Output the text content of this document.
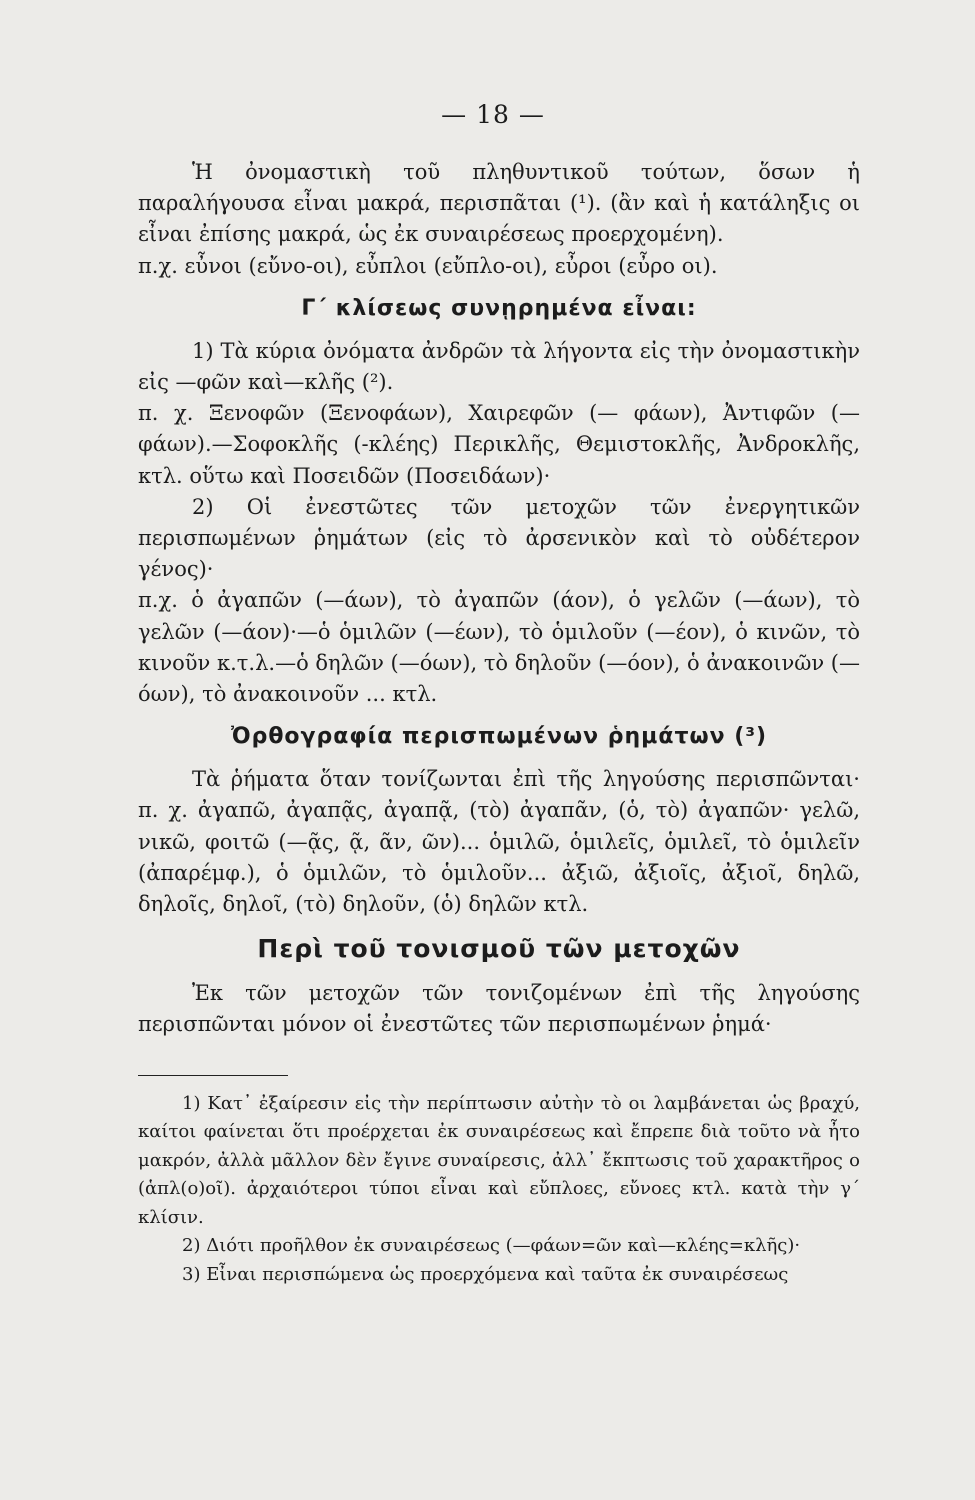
— 18 —

Ἡ ὀνομαστικὴ τοῦ πληθυντικοῦ τούτων, ὅσων ἡ παραλήγουσα εἶναι μακρά, περισπᾶται (¹). (ἂν καὶ ἡ κατάληξις οι εἶναι ἐπίσης μακρά, ὡς ἐκ συναιρέσεως προερχομένη).

π.χ. εὖνοι (εὔνο-οι), εὖπλοι (εὔπλο-οι), εὖροι (εὖρο οι).

Γ΄ κλίσεως συνῃρημένα εἶναι:

1) Τὰ κύρια ὀνόματα ἀνδρῶν τὰ λήγοντα εἰς τὴν ὀνομαστικὴν εἰς —φῶν καὶ—κλῆς (²).

π. χ. Ξενοφῶν (Ξενοφάων), Χαιρεφῶν (— φάων), Ἀντιφῶν (—φάων).—Σοφοκλῆς (-κλέης) Περικλῆς, Θεμιστοκλῆς, Ἀνδροκλῆς, κτλ. οὕτω καὶ Ποσειδῶν (Ποσειδάων)·

2) Οἱ ἐνεστῶτες τῶν μετοχῶν τῶν ἐνεργητικῶν περισπωμένων ῥημάτων (εἰς τὸ ἀρσενικὸν καὶ τὸ οὐδέτερον γένος)·

π.χ. ὁ ἀγαπῶν (—άων), τὸ ἀγαπῶν (άον), ὁ γελῶν (—άων), τὸ γελῶν (—άον)·—ὁ ὁμιλῶν (—έων), τὸ ὁμιλοῦν (—έον), ὁ κινῶν, τὸ κινοῦν κ.τ.λ.—ὁ δηλῶν (—όων), τὸ δηλοῦν (—όον), ὁ ἀνακοινῶν (—όων), τὸ ἀνακοινοῦν ... κτλ.

Ὀρθογραφία περισπωμένων ῥημάτων (³)

Τὰ ῥήματα ὅταν τονίζωνται ἐπὶ τῆς ληγούσης περισπῶνται· π. χ. ἀγαπῶ, ἀγαπᾷς, ἀγαπᾷ, (τὸ) ἀγαπᾶν, (ὁ, τὸ) ἀγαπῶν· γελῶ, νικῶ, φοιτῶ (—ᾷς, ᾷ, ᾶν, ῶν)... ὁμιλῶ, ὁμιλεῖς, ὁμιλεῖ, τὸ ὁμιλεῖν (ἀπαρέμφ.), ὁ ὁμιλῶν, τὸ ὁμιλοῦν... ἀξιῶ, ἀξιοῖς, ἀξιοῖ, δηλῶ, δηλοῖς, δηλοῖ, (τὸ) δηλοῦν, (ὁ) δηλῶν κτλ.

Περὶ τοῦ τονισμοῦ τῶν μετοχῶν

Ἐκ τῶν μετοχῶν τῶν τονιζομένων ἐπὶ τῆς ληγούσης περισπῶνται μόνον οἱ ἐνεστῶτες τῶν περισπωμένων ῥημά·

1) Κατ᾿ ἐξαίρεσιν εἰς τὴν περίπτωσιν αὐτὴν τὸ οι λαμβάνεται ὡς βραχύ, καίτοι φαίνεται ὅτι προέρχεται ἐκ συναιρέσεως καὶ ἔπρεπε διὰ τοῦτο νὰ ἦτο μακρόν, ἀλλὰ μᾶλλον δὲν ἔγινε συναίρεσις, ἀλλ᾿ ἔκπτωσις τοῦ χαρακτῆρος ο (ἁπλ(ο)οῖ). ἀρχαιότεροι τύποι εἶναι καὶ εὔπλοες, εὔνοες κτλ. κατὰ τὴν γ΄ κλίσιν.

2) Διότι προῆλθον ἐκ συναιρέσεως (—φάων=ῶν καὶ—κλέης=κλῆς)·

3) Εἶναι περισπώμενα ὡς προερχόμενα καὶ ταῦτα ἐκ συναιρέσεως
